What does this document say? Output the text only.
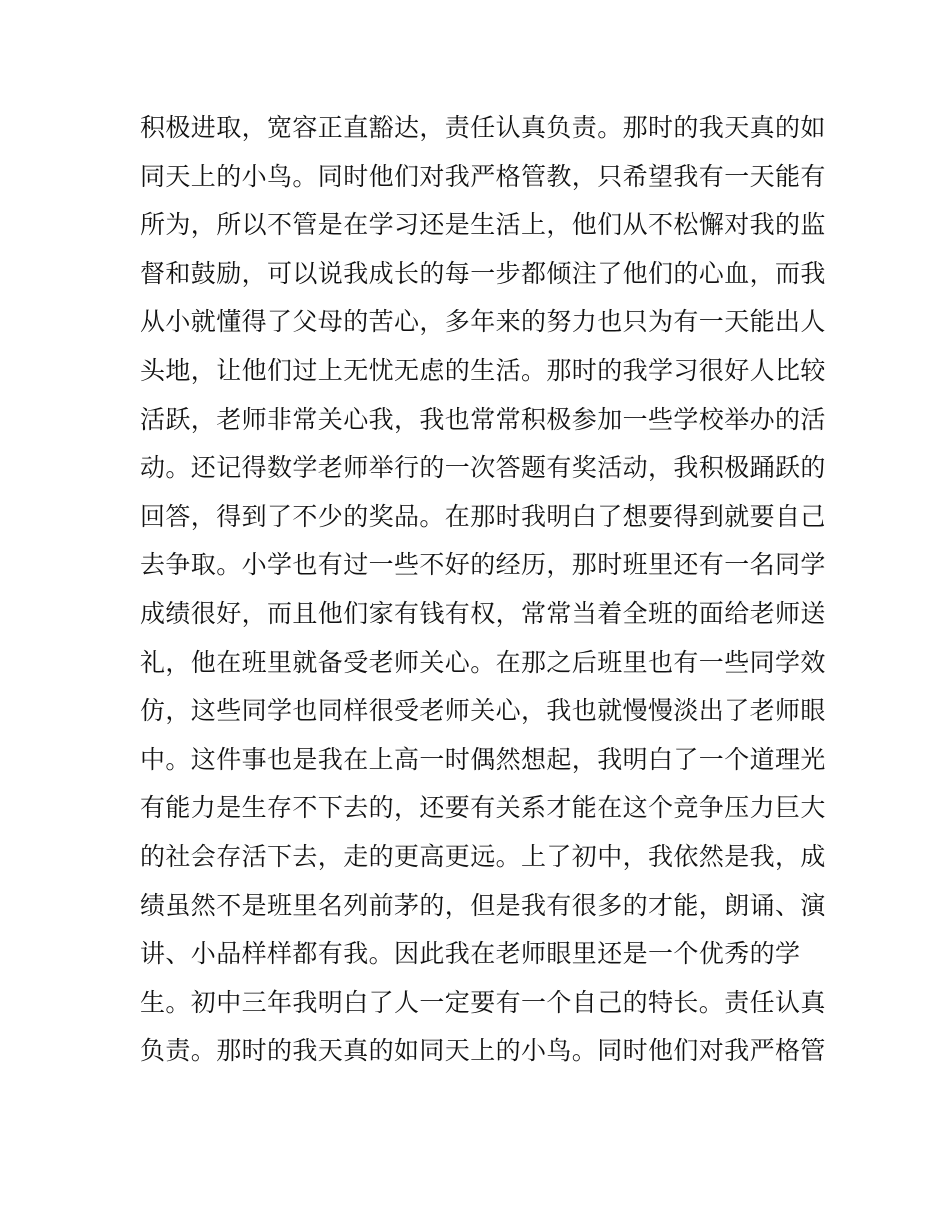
积极进取，宽容正直豁达，责任认真负责。那时的我天真的如
同天上的小鸟。同时他们对我严格管教，只希望我有一天能有
所为，所以不管是在学习还是生活上，他们从不松懈对我的监
督和鼓励，可以说我成长的每一步都倾注了他们的心血，而我
从小就懂得了父母的苦心，多年来的努力也只为有一天能出人
头地，让他们过上无忧无虑的生活。那时的我学习很好人比较
活跃，老师非常关心我，我也常常积极参加一些学校举办的活
动。还记得数学老师举行的一次答题有奖活动，我积极踊跃的
回答，得到了不少的奖品。在那时我明白了想要得到就要自己
去争取。小学也有过一些不好的经历，那时班里还有一名同学
成绩很好，而且他们家有钱有权，常常当着全班的面给老师送
礼，他在班里就备受老师关心。在那之后班里也有一些同学效
仿，这些同学也同样很受老师关心，我也就慢慢淡出了老师眼
中。这件事也是我在上高一时偶然想起，我明白了一个道理光
有能力是生存不下去的，还要有关系才能在这个竞争压力巨大
的社会存活下去，走的更高更远。上了初中，我依然是我，成
绩虽然不是班里名列前茅的，但是我有很多的才能，朗诵、演
讲、小品样样都有我。因此我在老师眼里还是一个优秀的学
生。初中三年我明白了人一定要有一个自己的特长。责任认真
负责。那时的我天真的如同天上的小鸟。同时他们对我严格管
